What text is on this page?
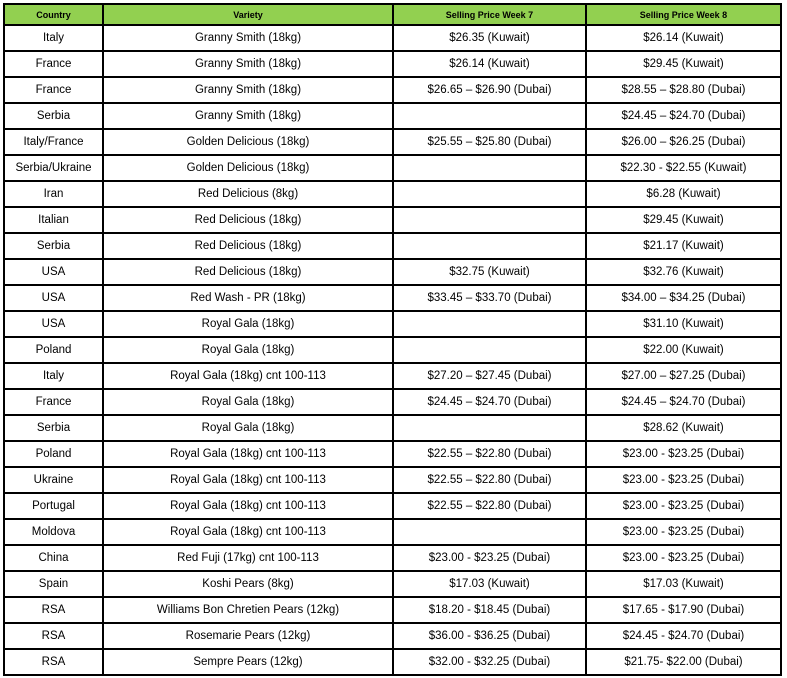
Country	Variety	Selling Price Week 7	Selling Price Week 8
Italy	Granny Smith (18kg)	$26.35 (Kuwait)	$26.14 (Kuwait)
France	Granny Smith (18kg)	$26.14 (Kuwait)	$29.45 (Kuwait)
France	Granny Smith (18kg)	$26.65 – $26.90 (Dubai)	$28.55 – $28.80 (Dubai)
Serbia	Granny Smith (18kg)		$24.45 – $24.70 (Dubai)
Italy/France	Golden Delicious (18kg)	$25.55 – $25.80 (Dubai)	$26.00 – $26.25 (Dubai)
Serbia/Ukraine	Golden Delicious (18kg)		$22.30 - $22.55 (Kuwait)
Iran	Red Delicious (8kg)		$6.28 (Kuwait)
Italian	Red Delicious (18kg)		$29.45 (Kuwait)
Serbia	Red Delicious (18kg)		$21.17 (Kuwait)
USA	Red Delicious (18kg)	$32.75 (Kuwait)	$32.76 (Kuwait)
USA	Red Wash - PR (18kg)	$33.45 – $33.70 (Dubai)	$34.00 – $34.25 (Dubai)
USA	Royal Gala (18kg)		$31.10 (Kuwait)
Poland	Royal Gala (18kg)		$22.00 (Kuwait)
Italy	Royal Gala (18kg) cnt 100-113	$27.20 – $27.45 (Dubai)	$27.00 – $27.25 (Dubai)
France	Royal Gala (18kg)	$24.45 – $24.70 (Dubai)	$24.45 – $24.70 (Dubai)
Serbia	Royal Gala (18kg)		$28.62 (Kuwait)
Poland	Royal Gala (18kg) cnt 100-113	$22.55 – $22.80 (Dubai)	$23.00 - $23.25 (Dubai)
Ukraine	Royal Gala (18kg) cnt 100-113	$22.55 – $22.80 (Dubai)	$23.00 - $23.25 (Dubai)
Portugal	Royal Gala (18kg) cnt 100-113	$22.55 – $22.80 (Dubai)	$23.00 - $23.25 (Dubai)
Moldova	Royal Gala (18kg) cnt 100-113		$23.00 - $23.25 (Dubai)
China	Red Fuji (17kg) cnt 100-113	$23.00 - $23.25 (Dubai)	$23.00 - $23.25 (Dubai)
Spain	Koshi Pears (8kg)	$17.03 (Kuwait)	$17.03 (Kuwait)
RSA	Williams Bon Chretien Pears (12kg)	$18.20 - $18.45 (Dubai)	$17.65 - $17.90 (Dubai)
RSA	Rosemarie Pears (12kg)	$36.00 - $36.25 (Dubai)	$24.45 - $24.70 (Dubai)
RSA	Sempre Pears (12kg)	$32.00 - $32.25 (Dubai)	$21.75- $22.00 (Dubai)
